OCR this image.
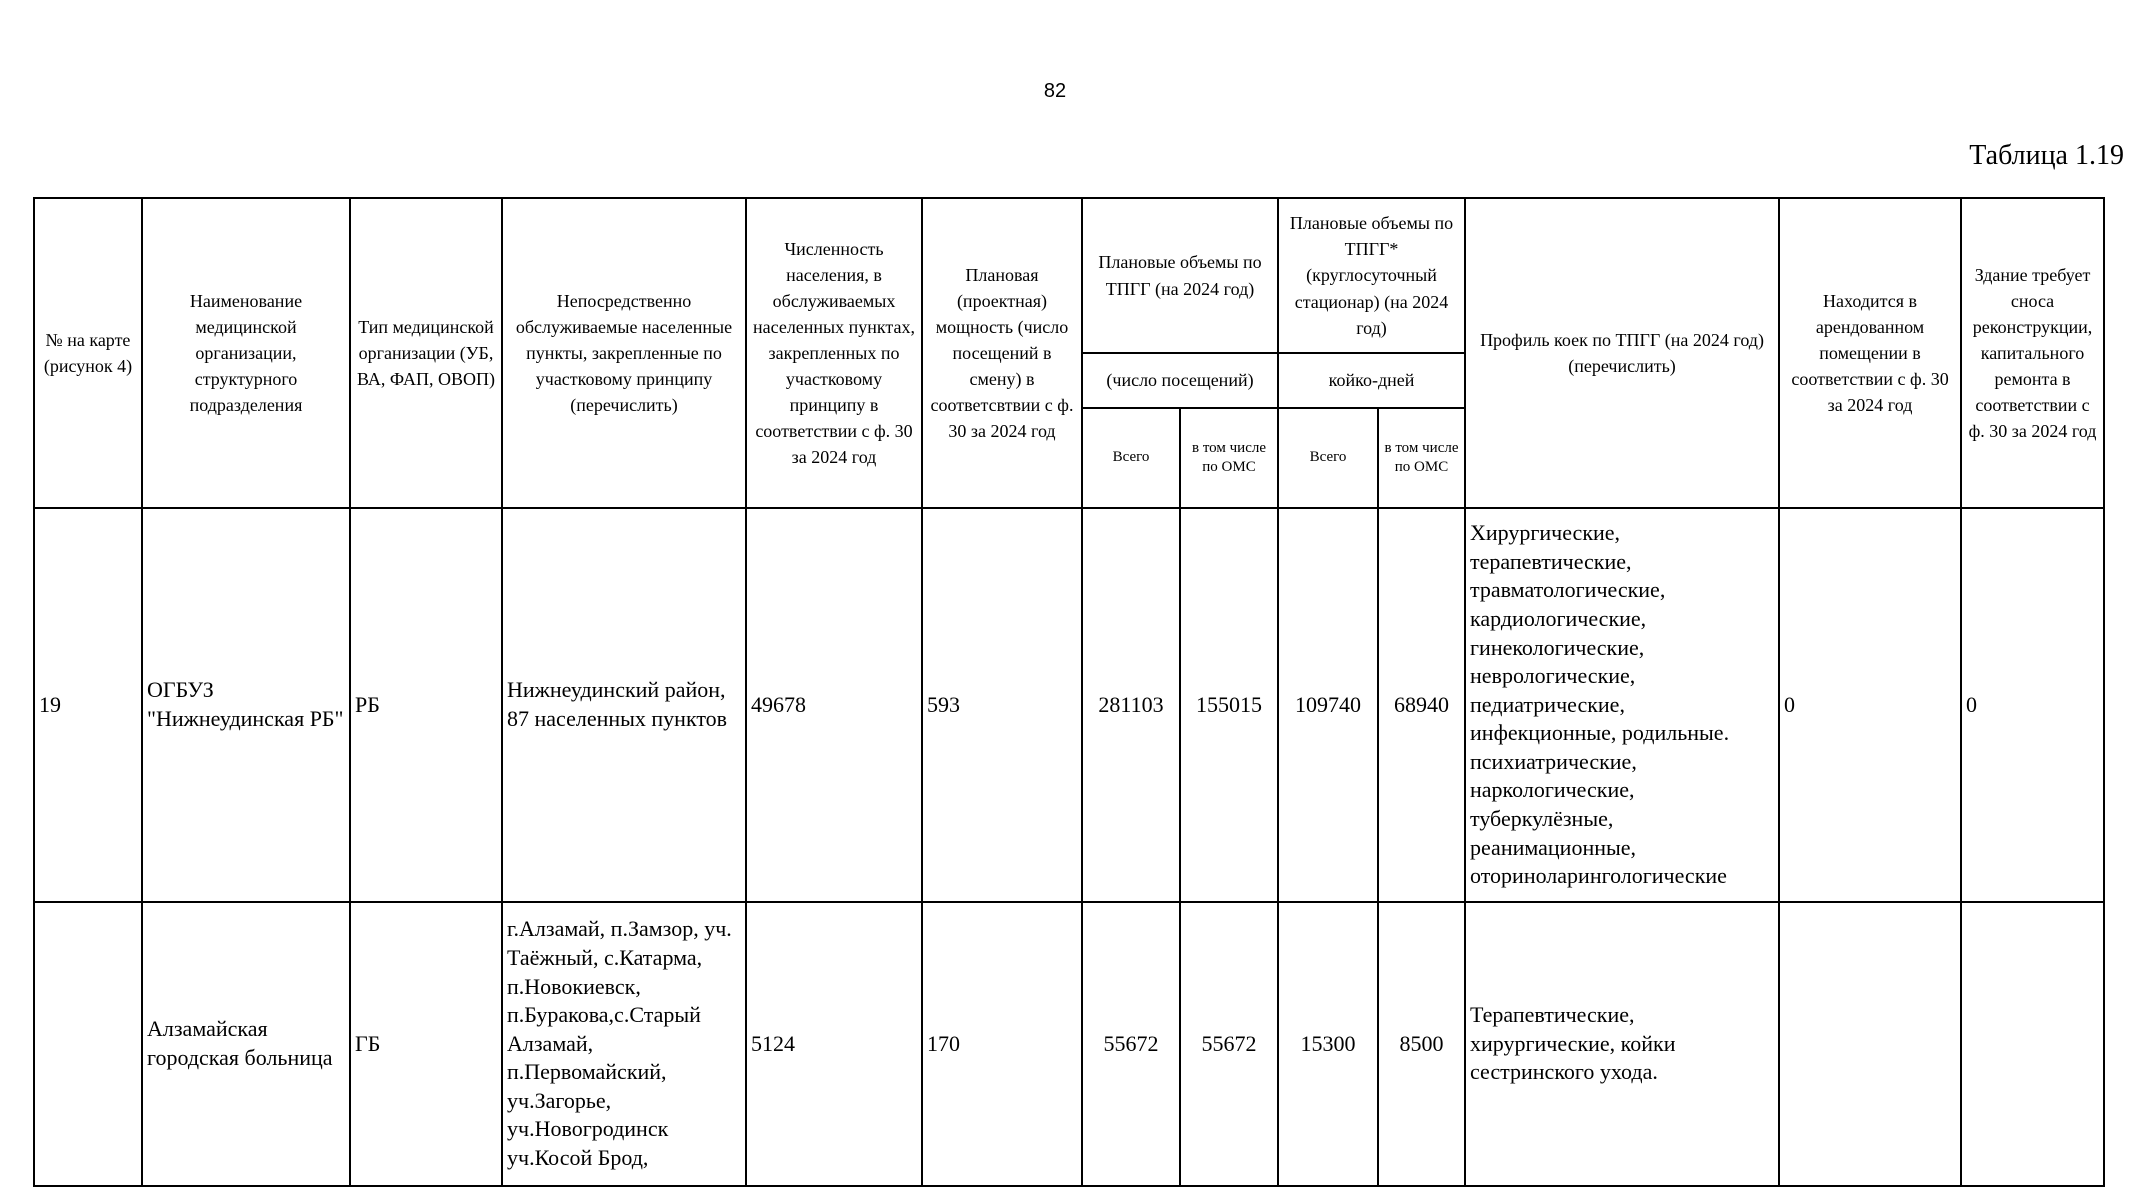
82
Таблица 1.19
№ на карте (рисунок 4)	Наименование медицинской организации, структурного подразделения	Тип медицинской организации (УБ, ВА, ФАП, ОВОП)	Непосредственно обслуживаемые населенные пункты, закрепленные по участковому принципу (перечислить)	Численность населения, в обслуживаемых населенных пунктах, закрепленных по участковому принципу в соответствии с ф. 30 за 2024 год	Плановая (проектная) мощность (число посещений в смену) в соответсвтвии с ф. 30 за 2024 год	Плановые объемы по ТПГГ (на 2024 год)		Плановые объемы по ТПГГ* (круглосуточный стационар) (на 2024 год)		Профиль коек по ТПГГ (на 2024 год) (перечислить)	Находится в арендованном помещении в соответствии с ф. 30 за 2024 год	Здание требует сноса реконструкции, капитального ремонта в соответствии с ф. 30 за 2024 год
						(число посещений)		койко-дней				
						Всего	в том числе по ОМС	Всего	в том числе по ОМС			
19	ОГБУЗ "Нижнеудинская РБ"	РБ	Нижнеудинский район, 87 населенных пунктов	49678	593	281103	155015	109740	68940	Хирургические, терапевтические, травматологические, кардиологические, гинекологические, неврологические, педиатрические, инфекционные, родильные. психиатрические, наркологические, туберкулёзные, реанимационные, оториноларингологические	0	0
	Алзамайская городская больница	ГБ	г.Алзамай, п.Замзор, уч. Таёжный, с.Катарма, п.Новокиевск, п.Буракова,с.Старый Алзамай, п.Первомайский, уч.Загорье, уч.Новогродинск уч.Косой Брод,	5124	170	55672	55672	15300	8500	Терапевтические, хирургические, койки сестринского ухода.		
